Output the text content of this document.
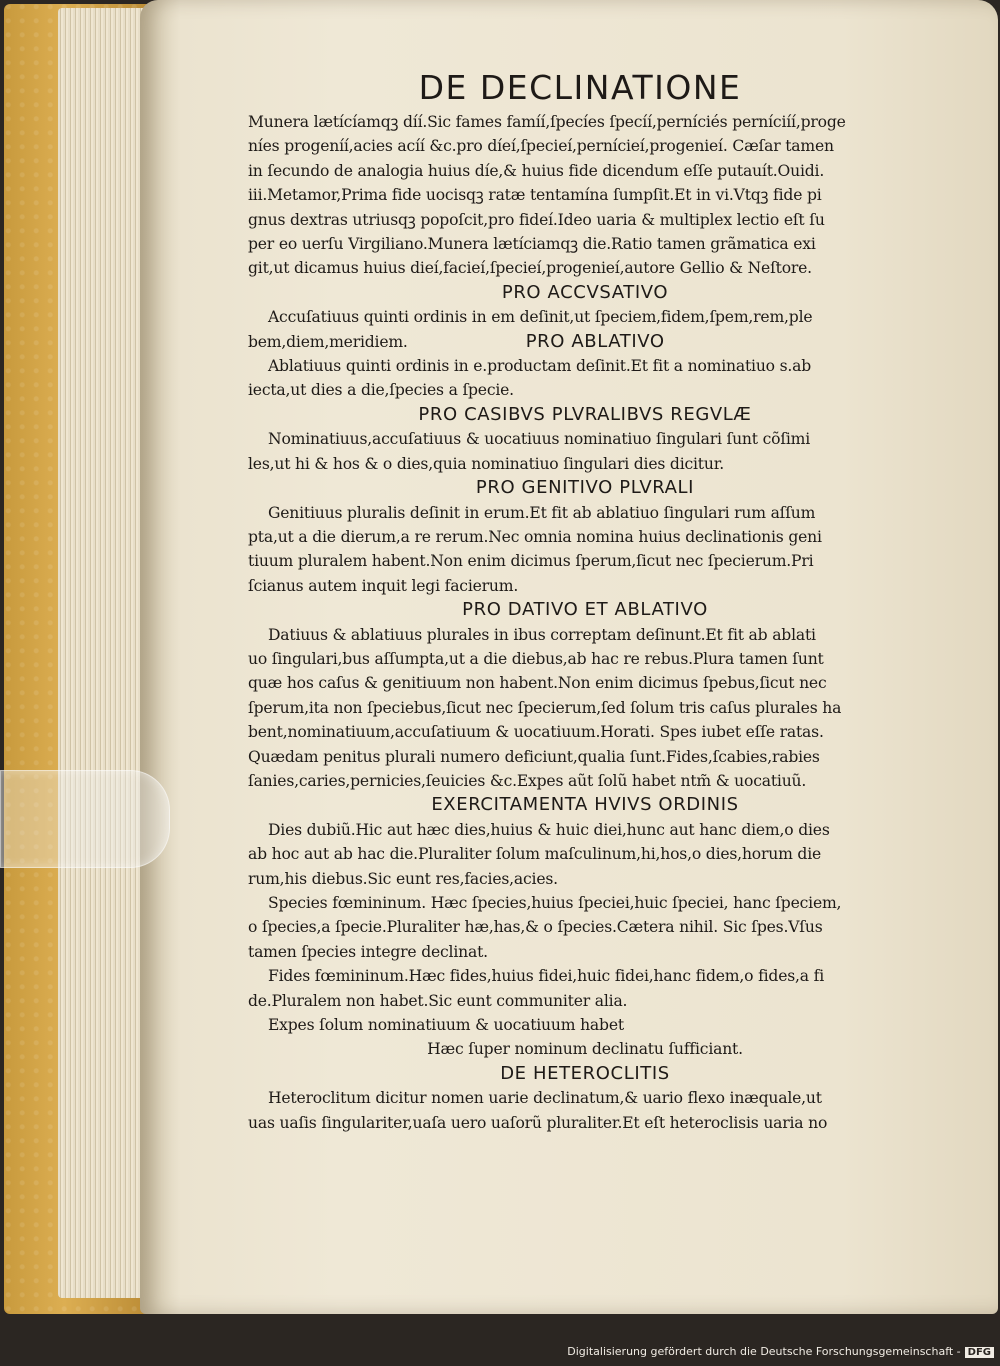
DE DECLINATIONE
Munera lætícíamqꝫ díí.Sic fames famíí,ſpecíes ſpecíí,perníciés perníciíí,proge
níes progeníí,acies acíí &c.pro díeí,ſpecieí,pernícieí,progenieí. Cæſar tamen
in ſecundo de analogia huius díe,& huius fide dicendum eſſe putauít.Ouidi.
iii.Metamor,Prima fide uocisqꝫ ratæ tentamína ſumpſit.Et in vi.Vtqꝫ fide pi
gnus dextras utriusqꝫ popoſcit,pro fideí.Ideo uaria & multiplex lectio eſt ſu
per eo uerſu Virgiliano.Munera lætíciamqꝫ die.Ratio tamen grãmatica exi
git,ut dicamus huius dieí,facieí,ſpecieí,progenieí,autore Gellio & Neſtore.
PRO ACCVSATIVO
Accuſatiuus quinti ordinis in em deſinit,ut ſpeciem,fidem,ſpem,rem,ple
bem,diem,meridiem.	PRO ABLATIVO
Ablatiuus quinti ordinis in e.productam deſinit.Et fit a nominatiuo s.ab
iecta,ut dies a die,ſpecies a ſpecie.
PRO CASIBVS PLVRALIBVS REGVLÆ
Nominatiuus,accuſatiuus & uocatiuus nominatiuo ſingulari ſunt cõſimi
les,ut hi & hos & o dies,quia nominatiuo ſingulari dies dicitur.
PRO GENITIVO PLVRALI
Genitiuus pluralis deſinit in erum.Et fit ab ablatiuo ſingulari rum aſſum
pta,ut a die dierum,a re rerum.Nec omnia nomina huius declinationis geni
tiuum pluralem habent.Non enim dicimus ſperum,ſicut nec ſpecierum.Pri
ſcianus autem inquit legi facierum.
PRO DATIVO ET ABLATIVO
Datiuus & ablatiuus plurales in ibus correptam deſinunt.Et fit ab ablati
uo ſingulari,bus aſſumpta,ut a die diebus,ab hac re rebus.Plura tamen ſunt
quæ hos caſus & genitiuum non habent.Non enim dicimus ſpebus,ſicut nec
ſperum,ita non ſpeciebus,ſicut nec ſpecierum,ſed ſolum tris caſus plurales ha
bent,nominatiuum,accuſatiuum & uocatiuum.Horati. Spes iubet eſſe ratas.
Quædam penitus plurali numero deficiunt,qualia ſunt.Fides,ſcabies,rabies
ſanies,caries,pernicies,ſeuicies &c.Expes aũt ſolũ habet ntm̃ & uocatiuũ.
EXERCITAMENTA HVIVS ORDINIS
Dies dubiũ.Hic aut hæc dies,huius & huic diei,hunc aut hanc diem,o dies
ab hoc aut ab hac die.Pluraliter ſolum maſculinum,hi,hos,o dies,horum die
rum,his diebus.Sic eunt res,facies,acies.
Species fœmininum. Hæc ſpecies,huius ſpeciei,huic ſpeciei, hanc ſpeciem,
o ſpecies,a ſpecie.Pluraliter hæ,has,& o ſpecies.Cætera nihil. Sic ſpes.Vſus
tamen ſpecies integre declinat.
Fides fœmininum.Hæc fides,huius fidei,huic fidei,hanc fidem,o fides,a fi
de.Pluralem non habet.Sic eunt communiter alia.
Expes ſolum nominatiuum & uocatiuum habet
Hæc ſuper nominum declinatu ſufficiant.
DE HETEROCLITIS
Heteroclitum dicitur nomen uarie declinatum,& uario flexo inæquale,ut
uas uaſis ſingulariter,uaſa uero uaſorũ pluraliter.Et eſt heteroclisis uaria no
Digitalisierung gefördert durch die Deutsche Forschungsgemeinschaft - DFG
